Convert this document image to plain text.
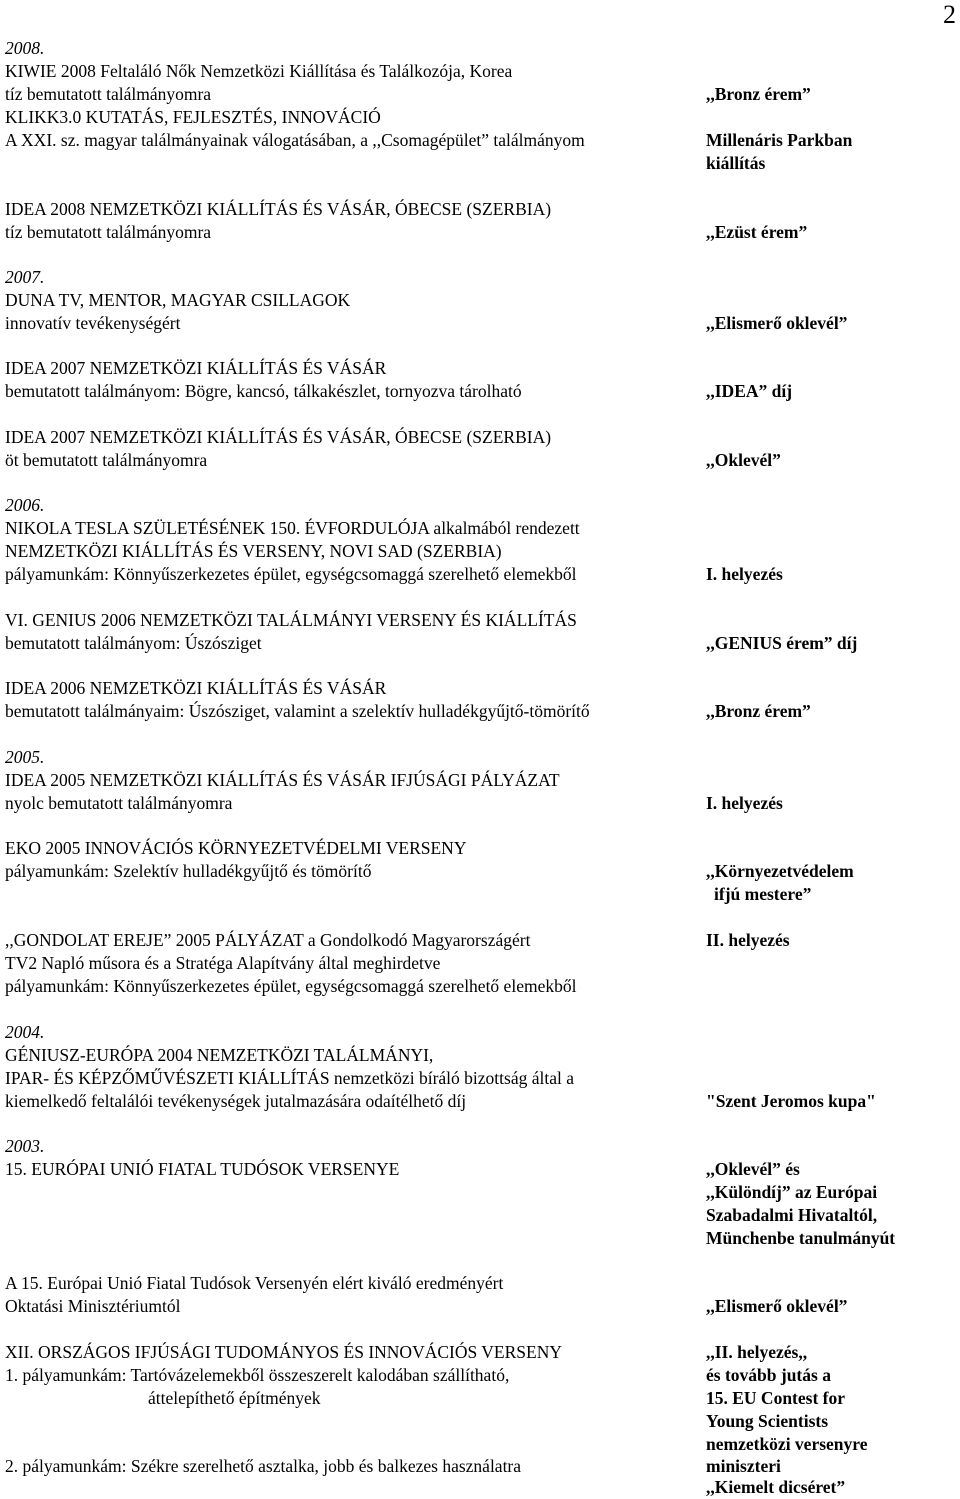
2
2008.
KIWIE 2008 Feltaláló Nők Nemzetközi Kiállítása és Találkozója, Korea
tíz bemutatott találmányomra
KLIKK3.0 KUTATÁS, FEJLESZTÉS, INNOVÁCIÓ
A XXI. sz. magyar találmányainak válogatásában, a ,,Csomagépület” találmányom
IDEA 2008 NEMZETKÖZI KIÁLLÍTÁS ÉS VÁSÁR, ÓBECSE (SZERBIA)
tíz bemutatott találmányomra
2007.
DUNA TV, MENTOR, MAGYAR CSILLAGOK
innovatív tevékenységért
IDEA 2007 NEMZETKÖZI KIÁLLÍTÁS ÉS VÁSÁR
bemutatott találmányom: Bögre, kancsó, tálkakészlet, tornyozva tárolható
IDEA 2007 NEMZETKÖZI KIÁLLÍTÁS ÉS VÁSÁR, ÓBECSE (SZERBIA)
öt bemutatott találmányomra
2006.
NIKOLA TESLA SZÜLETÉSÉNEK 150. ÉVFORDULÓJA alkalmából rendezett
NEMZETKÖZI KIÁLLÍTÁS ÉS VERSENY, NOVI SAD (SZERBIA)
pályamunkám: Könnyűszerkezetes épület, egységcsomaggá szerelhető elemekből
VI. GENIUS 2006 NEMZETKÖZI TALÁLMÁNYI VERSENY ÉS KIÁLLÍTÁS
bemutatott találmányom: Úszósziget
IDEA 2006 NEMZETKÖZI KIÁLLÍTÁS ÉS VÁSÁR
bemutatott találmányaim: Úszósziget, valamint a szelektív hulladékgyűjtő-tömörítő
2005.
IDEA 2005 NEMZETKÖZI KIÁLLÍTÁS ÉS VÁSÁR IFJÚSÁGI PÁLYÁZAT
nyolc bemutatott találmányomra
EKO 2005 INNOVÁCIÓS KÖRNYEZETVÉDELMI VERSENY
pályamunkám: Szelektív hulladékgyűjtő és tömörítő
,,GONDOLAT EREJE” 2005 PÁLYÁZAT a Gondolkodó Magyarországért
TV2 Napló műsora és a Stratéga Alapítvány által meghirdetve
pályamunkám: Könnyűszerkezetes épület, egységcsomaggá szerelhető elemekből
2004.
GÉNIUSZ-EURÓPA 2004 NEMZETKÖZI TALÁLMÁNYI,
IPAR- ÉS KÉPZŐMŰVÉSZETI KIÁLLÍTÁS nemzetközi bíráló bizottság által a
kiemelkedő feltalálói tevékenységek jutalmazására odaítélhető díj
2003.
15. EURÓPAI UNIÓ FIATAL TUDÓSOK VERSENYE
A 15. Európai Unió Fiatal Tudósok Versenyén elért kiváló eredményért
Oktatási Minisztériumtól
XII. ORSZÁGOS IFJÚSÁGI TUDOMÁNYOS ÉS INNOVÁCIÓS VERSENY
1. pályamunkám: Tartóvázelemekből összeszerelt kalodában szállítható,
áttelepíthető építmények
2. pályamunkám: Székre szerelhető asztalka, jobb és balkezes használatra
,,Bronz érem”
Millenáris Parkban
kiállítás
,,Ezüst érem”
,,Elismerő oklevél”
,,IDEA” díj
,,Oklevél”
I. helyezés
,,GENIUS érem” díj
,,Bronz érem”
I. helyezés
,,Környezetvédelem
ifjú mestere”
II. helyezés
"Szent Jeromos kupa"
,,Oklevél” és
,,Különdíj” az Európai
Szabadalmi Hivataltól,
Münchenbe tanulmányút
,,Elismerő oklevél”
,,II. helyezés,,
és tovább jutás a
15. EU Contest for
Young Scientists
nemzetközi versenyre
miniszteri
,,Kiemelt dicséret”
